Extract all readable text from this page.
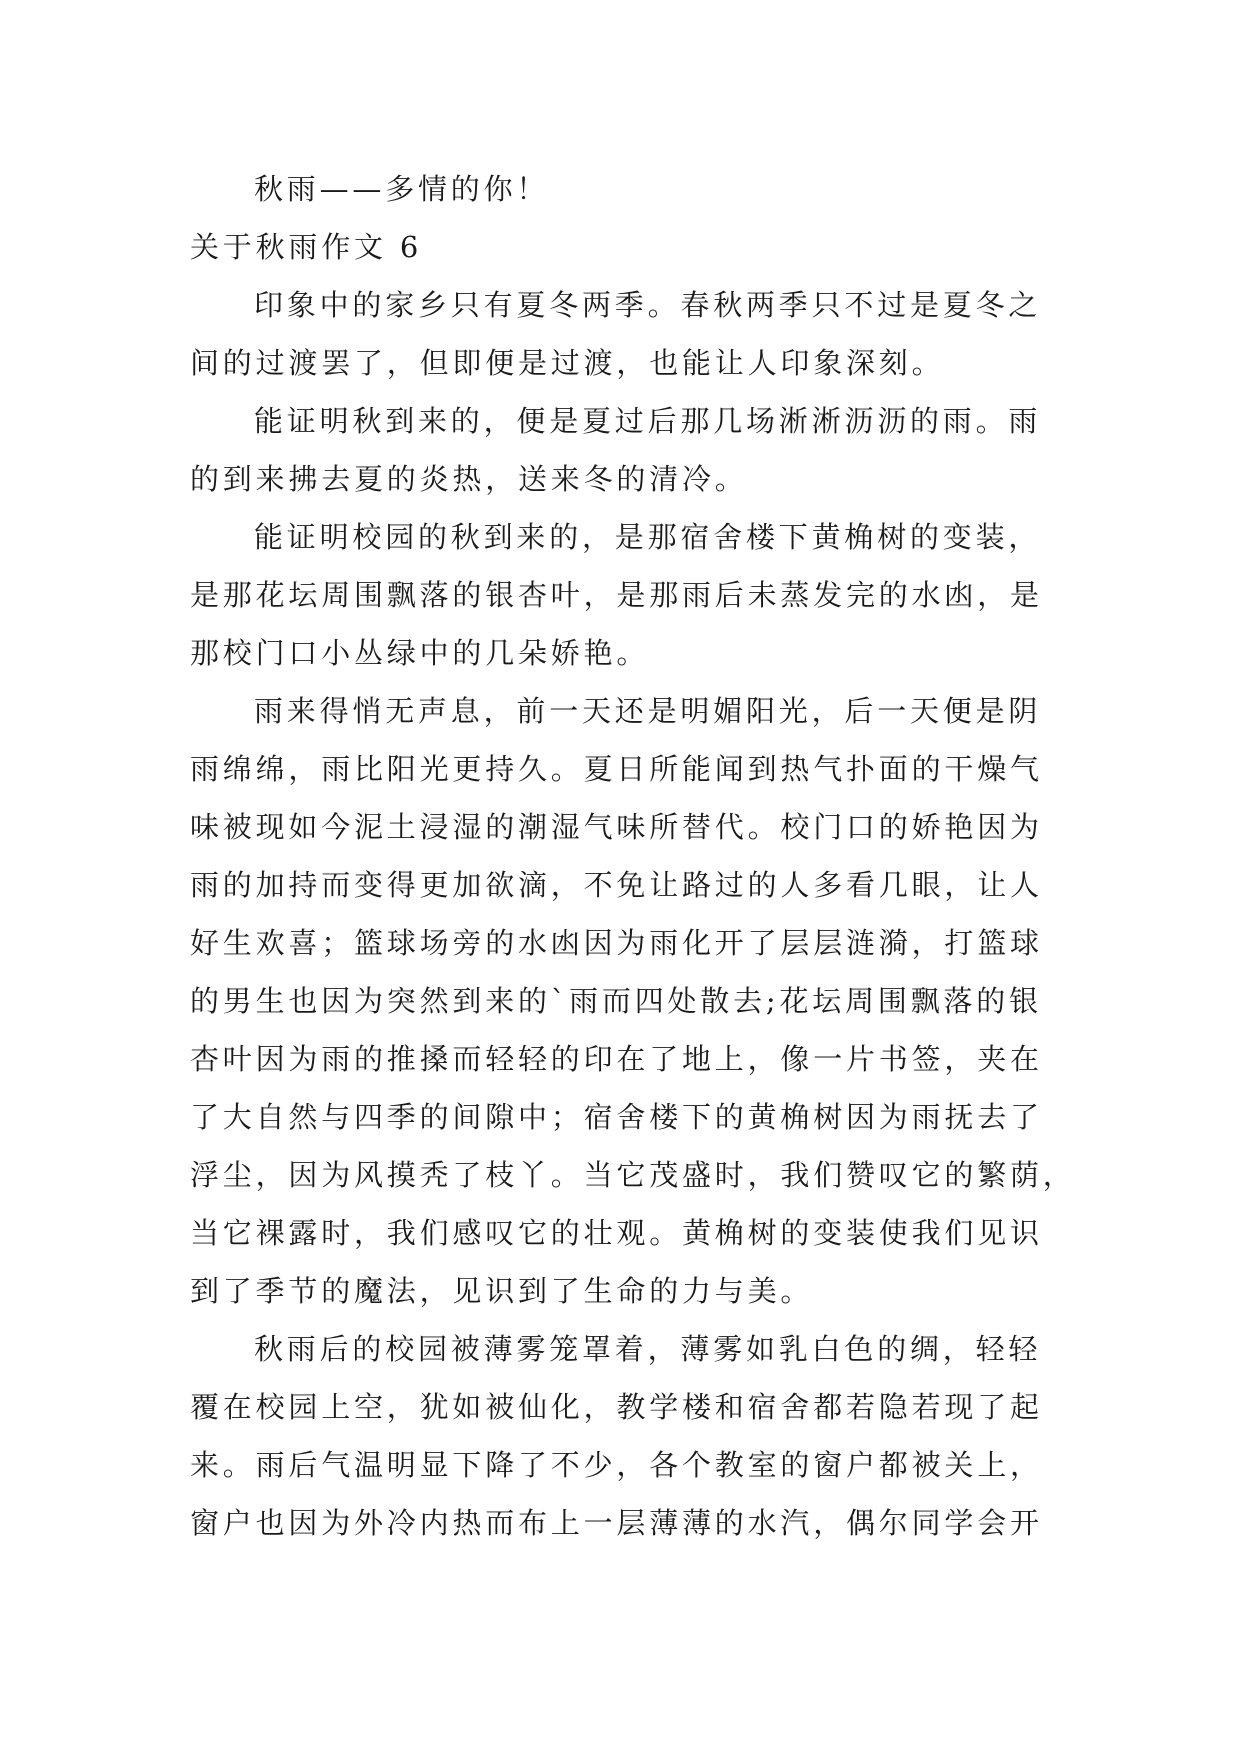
秋雨——多情的你！
关于秋雨作文 6
印象中的家乡只有夏冬两季。春秋两季只不过是夏冬之
间的过渡罢了，但即便是过渡，也能让人印象深刻。
能证明秋到来的，便是夏过后那几场淅淅沥沥的雨。雨
的到来拂去夏的炎热，送来冬的清冷。
能证明校园的秋到来的，是那宿舍楼下黄桷树的变装，
是那花坛周围飘落的银杏叶，是那雨后未蒸发完的水凼，是
那校门口小丛绿中的几朵娇艳。
雨来得悄无声息，前一天还是明媚阳光，后一天便是阴
雨绵绵，雨比阳光更持久。夏日所能闻到热气扑面的干燥气
味被现如今泥土浸湿的潮湿气味所替代。校门口的娇艳因为
雨的加持而变得更加欲滴，不免让路过的人多看几眼，让人
好生欢喜；篮球场旁的水凼因为雨化开了层层涟漪，打篮球
的男生也因为突然到来的`雨而四处散去;花坛周围飘落的银
杏叶因为雨的推搡而轻轻的印在了地上，像一片书签，夹在
了大自然与四季的间隙中；宿舍楼下的黄桷树因为雨抚去了
浮尘，因为风摸秃了枝丫。当它茂盛时，我们赞叹它的繁荫，
当它裸露时，我们感叹它的壮观。黄桷树的变装使我们见识
到了季节的魔法，见识到了生命的力与美。
秋雨后的校园被薄雾笼罩着，薄雾如乳白色的绸，轻轻
覆在校园上空，犹如被仙化，教学楼和宿舍都若隐若现了起
来。雨后气温明显下降了不少，各个教室的窗户都被关上，
窗户也因为外冷内热而布上一层薄薄的水汽，偶尔同学会开
